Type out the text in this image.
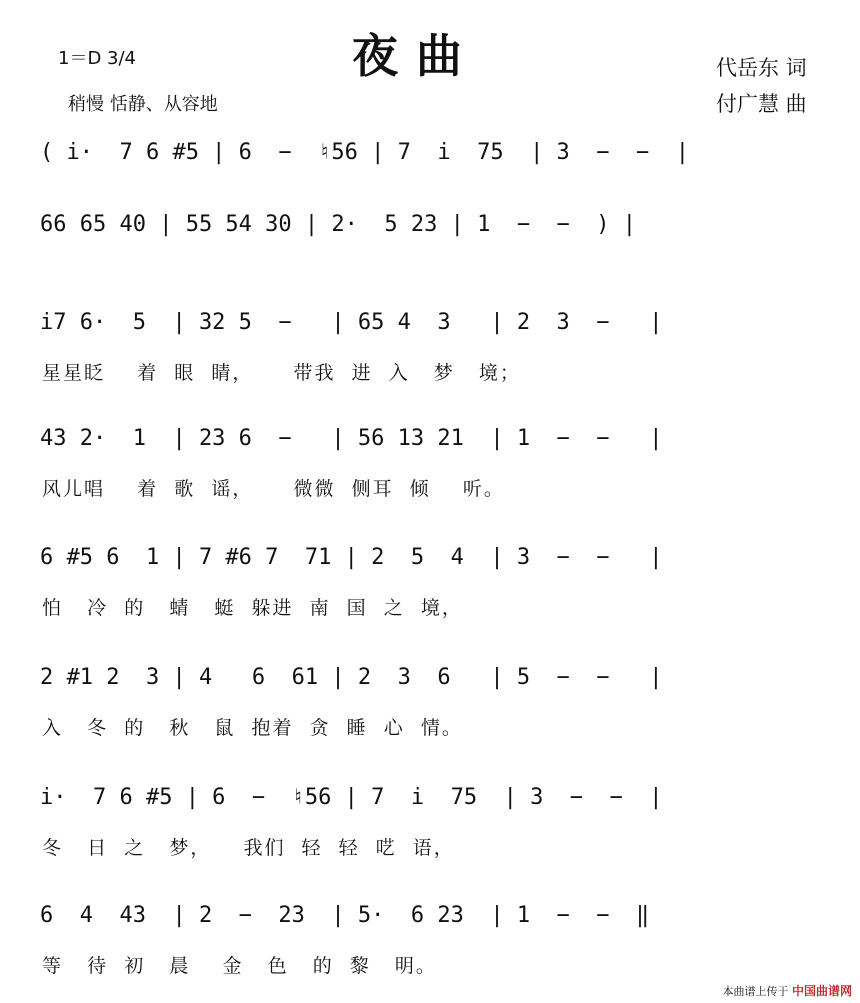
1＝D 3/4	夜曲
稍慢 恬静、从容地
代岳东 词
付广慧 曲
( i·  7 6 #5 | 6  −  ♮56 | 7  i  75  | 3  −  −  |
66 65 40 | 55 54 30 | 2·  5 23 | 1  −  −  ) |
i7 6·  5  | 32 5  −   | 65 4  3   | 2  3  −   |
星星眨    着  眼  睛，     带我  进  入   梦   境；
43 2·  1  | 23 6  −   | 56 13 21  | 1  −  −   |
风儿唱    着  歌  谣，     微微  侧耳  倾    听。
6 #5 6  1 | 7 #6 7  71 | 2  5  4  | 3  −  −   |
怕   冷  的   蜻   蜓  躲进  南  国  之  境，
2 #1 2  3 | 4   6  61 | 2  3  6   | 5  −  −   |
入   冬  的   秋   鼠  抱着  贪  睡  心  情。
i·  7 6 #5 | 6  −  ♮56 | 7  i  75  | 3  −  −  |
冬   日  之   梦，    我们  轻  轻  呓  语，
6  4  43  | 2  −  23  | 5·  6 23  | 1  −  −  ‖
等   待  初   晨    金   色   的  黎   明。
本曲谱上传于 中国曲谱网
